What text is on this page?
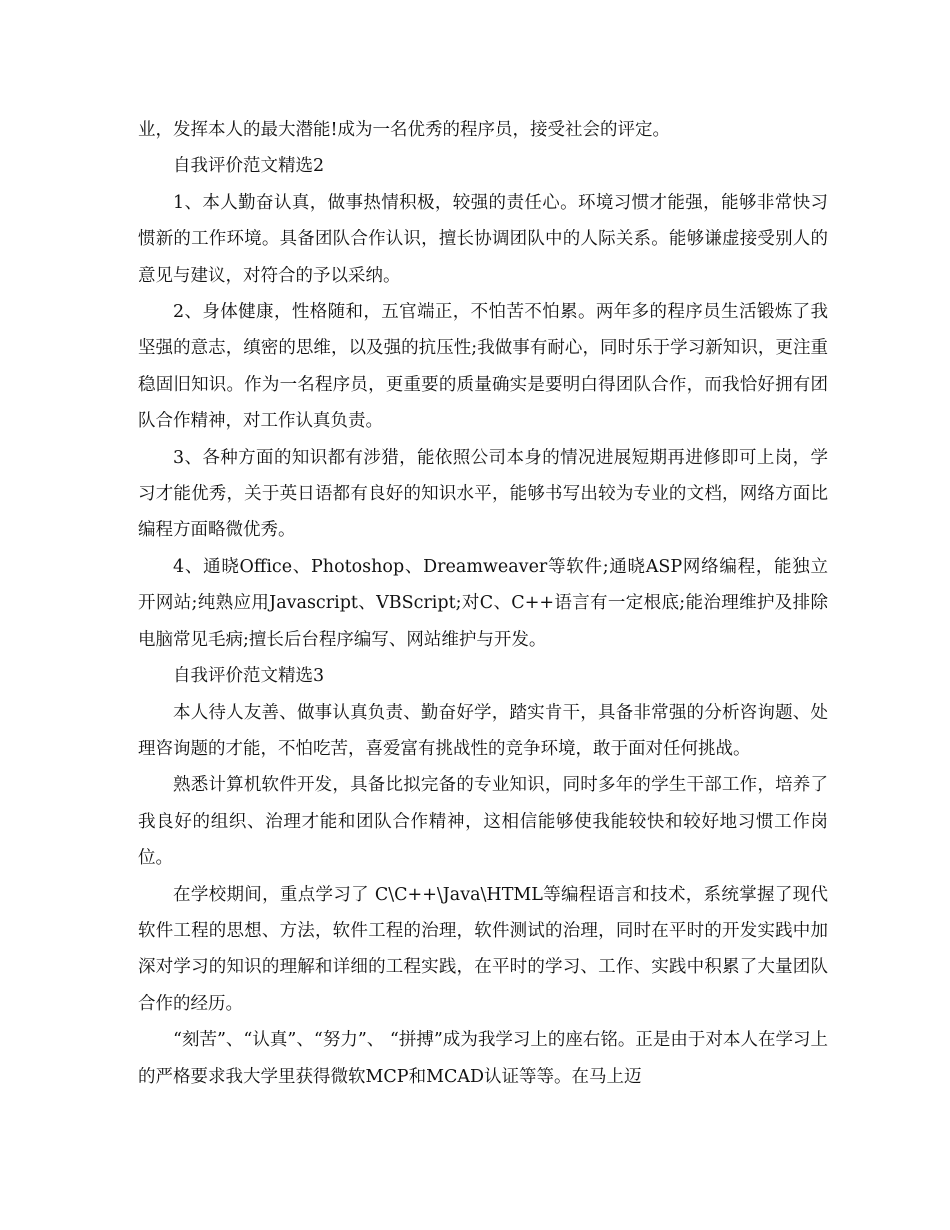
业，发挥本人的最大潜能!成为一名优秀的程序员，接受社会的评定。

自我评价范文精选2

1、本人勤奋认真，做事热情积极，较强的责任心。环境习惯才能强，能够非常快习惯新的工作环境。具备团队合作认识，擅长协调团队中的人际关系。能够谦虚接受别人的意见与建议，对符合的予以采纳。

2、身体健康，性格随和，五官端正，不怕苦不怕累。两年多的程序员生活锻炼了我坚强的意志，缜密的思维，以及强的抗压性;我做事有耐心，同时乐于学习新知识，更注重稳固旧知识。作为一名程序员，更重要的质量确实是要明白得团队合作，而我恰好拥有团队合作精神，对工作认真负责。

3、各种方面的知识都有涉猎，能依照公司本身的情况进展短期再进修即可上岗，学习才能优秀，关于英日语都有良好的知识水平，能够书写出较为专业的文档，网络方面比编程方面略微优秀。

4、通晓Office、Photoshop、Dreamweaver等软件;通晓ASP网络编程，能独立开网站;纯熟应用Javascript、VBScript;对C、C++语言有一定根底;能治理维护及排除电脑常见毛病;擅长后台程序编写、网站维护与开发。

自我评价范文精选3

本人待人友善、做事认真负责、勤奋好学，踏实肯干，具备非常强的分析咨询题、处理咨询题的才能，不怕吃苦，喜爱富有挑战性的竞争环境，敢于面对任何挑战。

熟悉计算机软件开发，具备比拟完备的专业知识，同时多年的学生干部工作，培养了我良好的组织、治理才能和团队合作精神，这相信能够使我能较快和较好地习惯工作岗位。

在学校期间，重点学习了 C\C++\Java\HTML等编程语言和技术，系统掌握了现代软件工程的思想、方法，软件工程的治理，软件测试的治理，同时在平时的开发实践中加深对学习的知识的理解和详细的工程实践，在平时的学习、工作、实践中积累了大量团队合作的经历。

“刻苦”、“认真”、“努力”、 “拼搏”成为我学习上的座右铭。正是由于对本人在学习上的严格要求我大学里获得微软MCP和MCAD认证等等。在马上迈
